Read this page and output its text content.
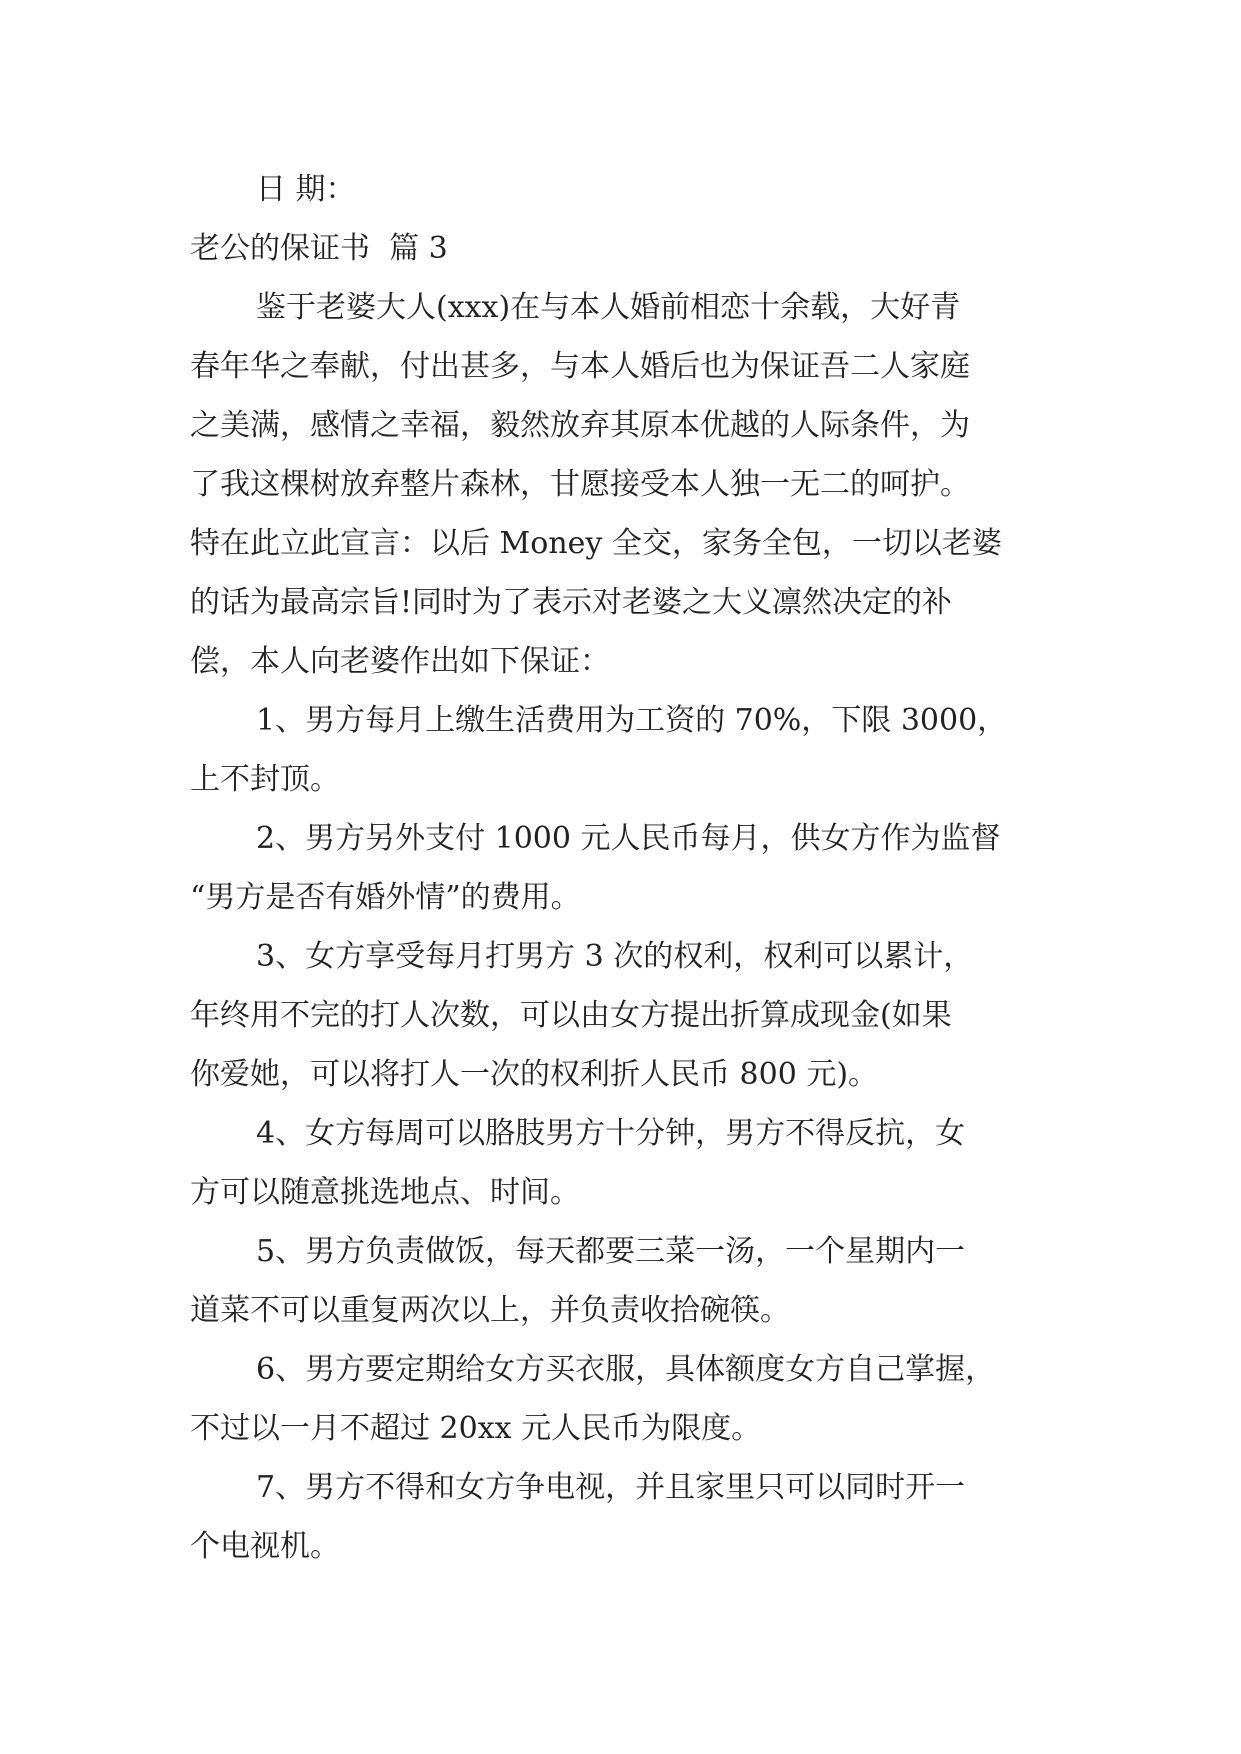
日 期：
老公的保证书  篇 3
鉴于老婆大人(xxx)在与本人婚前相恋十余载，大好青
春年华之奉献，付出甚多，与本人婚后也为保证吾二人家庭
之美满，感情之幸福，毅然放弃其原本优越的人际条件，为
了我这棵树放弃整片森林，甘愿接受本人独一无二的呵护。
特在此立此宣言：以后 Money 全交，家务全包，一切以老婆
的话为最高宗旨!同时为了表示对老婆之大义凛然决定的补
偿，本人向老婆作出如下保证：
1、男方每月上缴生活费用为工资的 70%，下限 3000，
上不封顶。
2、男方另外支付 1000 元人民币每月，供女方作为监督
“男方是否有婚外情”的费用。
3、女方享受每月打男方 3 次的权利，权利可以累计，
年终用不完的打人次数，可以由女方提出折算成现金(如果
你爱她，可以将打人一次的权利折人民币 800 元)。
4、女方每周可以胳肢男方十分钟，男方不得反抗，女
方可以随意挑选地点、时间。
5、男方负责做饭，每天都要三菜一汤，一个星期内一
道菜不可以重复两次以上，并负责收拾碗筷。
6、男方要定期给女方买衣服，具体额度女方自己掌握，
不过以一月不超过 20xx 元人民币为限度。
7、男方不得和女方争电视，并且家里只可以同时开一
个电视机。
